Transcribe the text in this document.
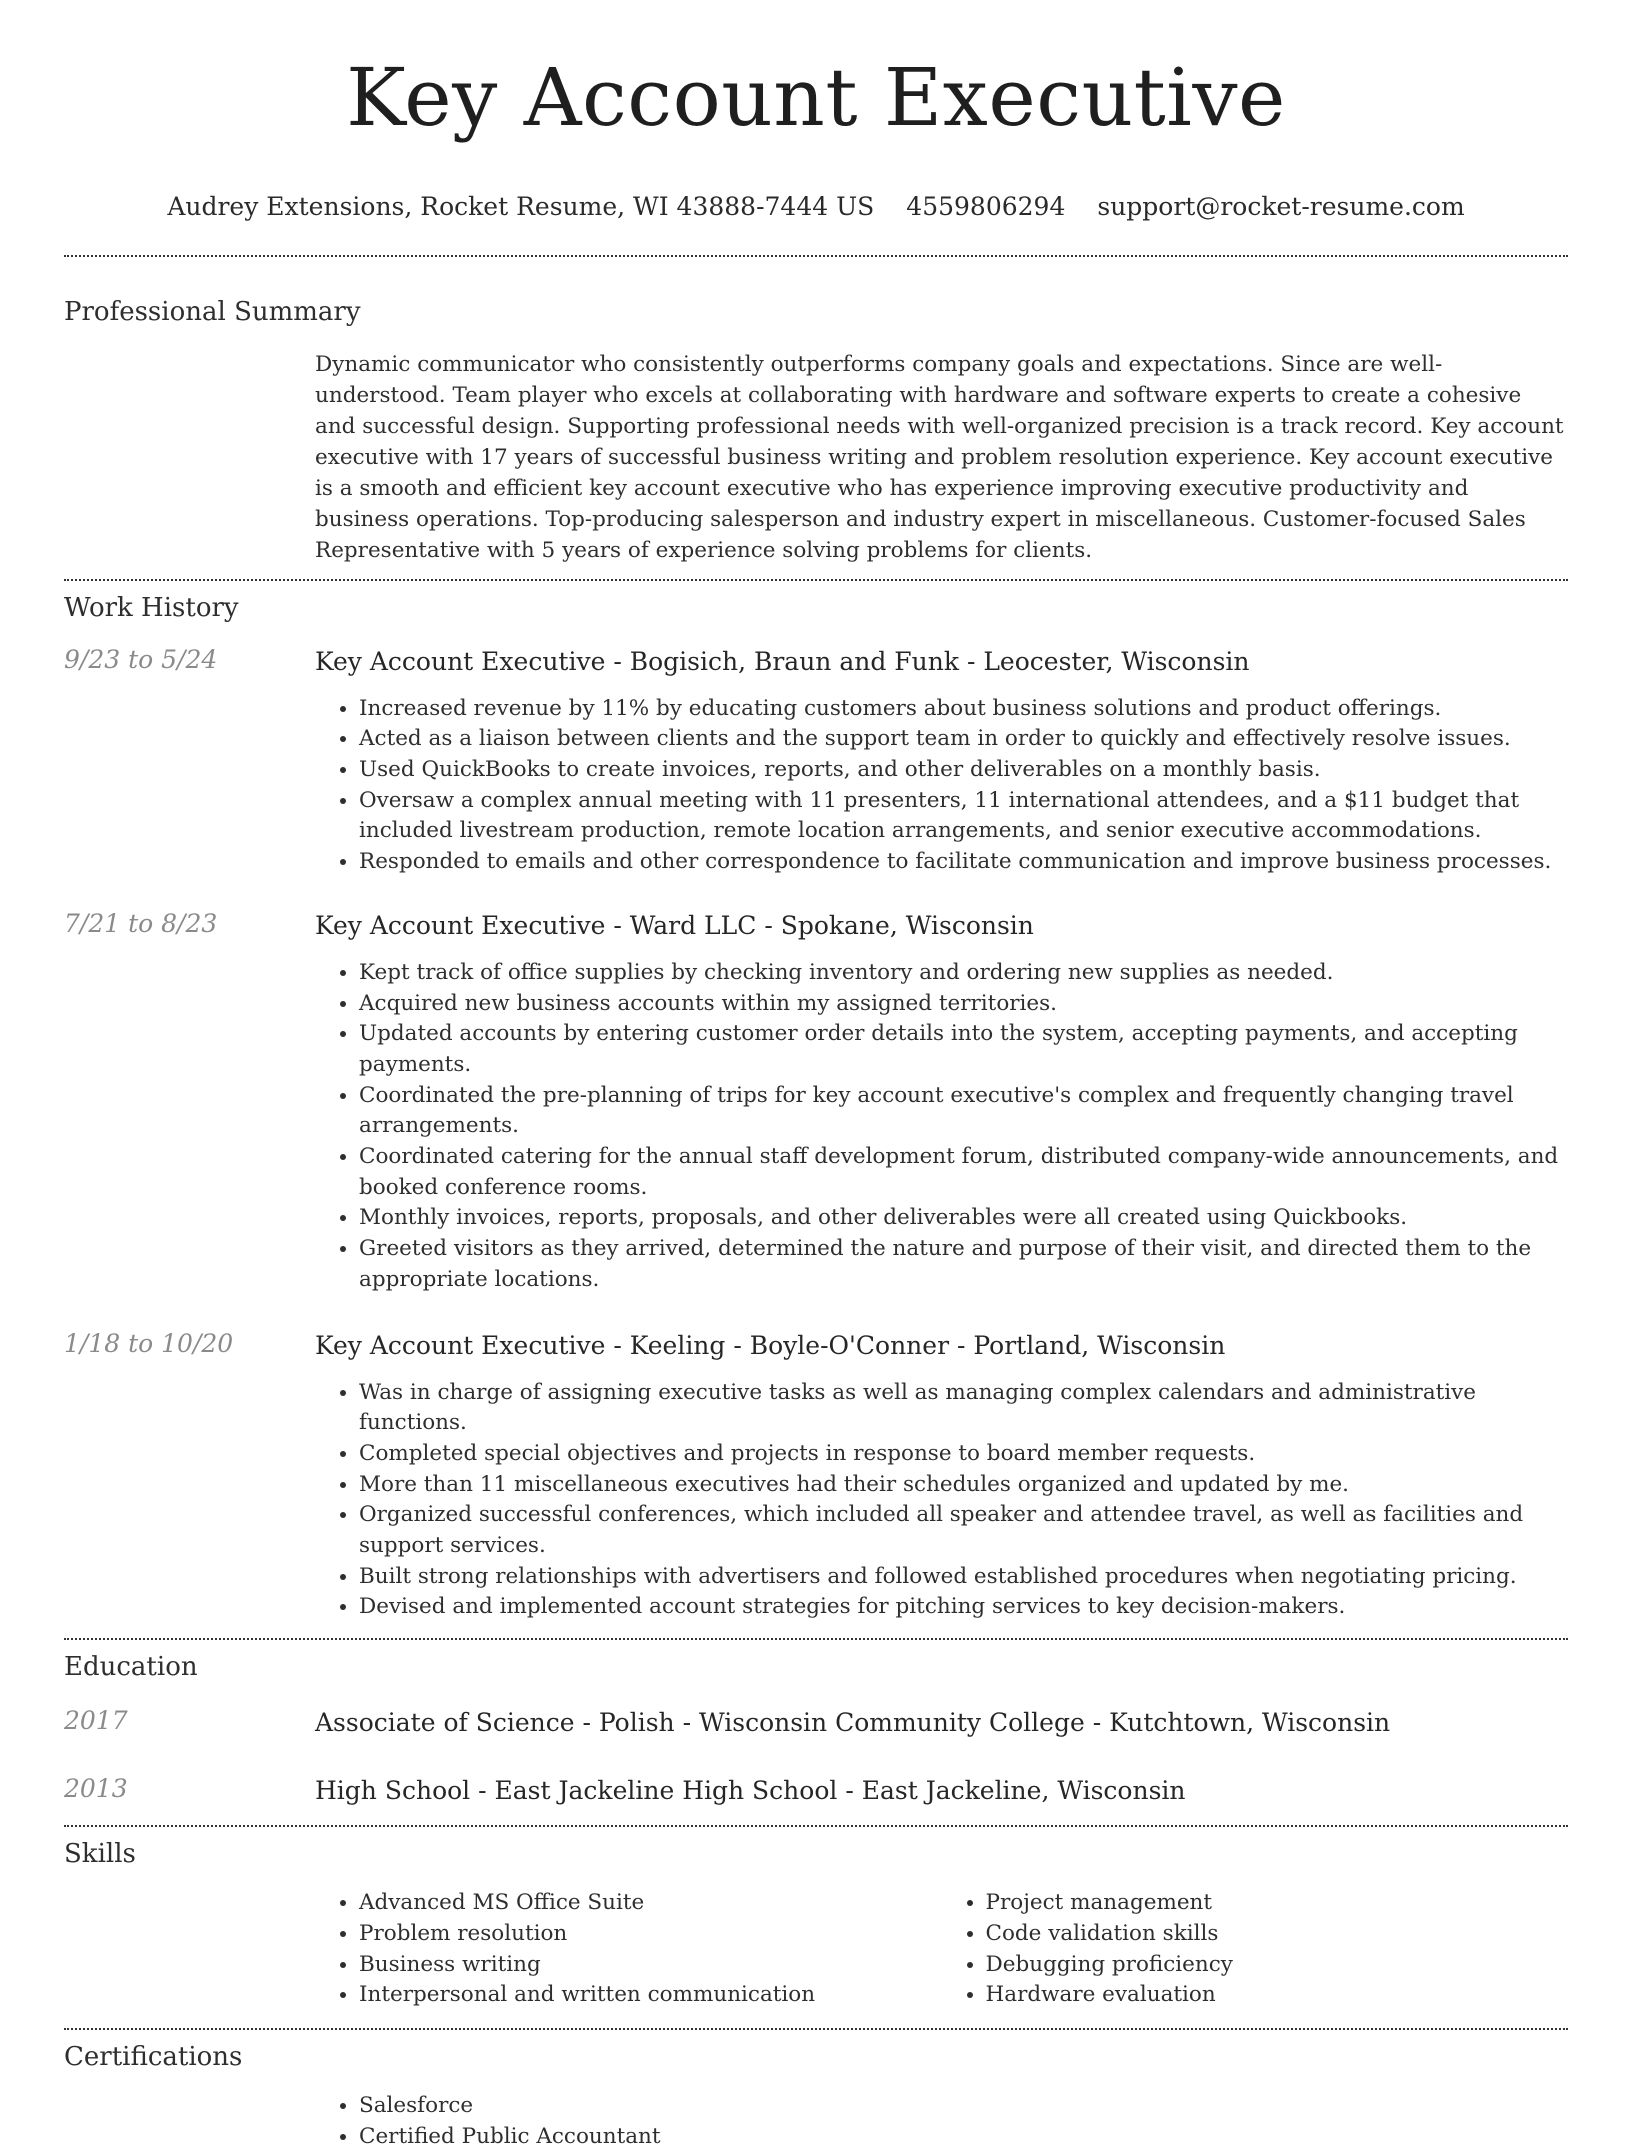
Key Account Executive
Audrey Extensions, Rocket Resume, WI 43888-7444 US 4559806294 support@rocket-resume.com
Professional Summary

Dynamic communicator who consistently outperforms company goals and expectations. Since are well-understood. Team player who excels at collaborating with hardware and software experts to create a cohesive and successful design. Supporting professional needs with well-organized precision is a track record. Key account executive with 17 years of successful business writing and problem resolution experience. Key account executive is a smooth and efficient key account executive who has experience improving executive productivity and business operations. Top-producing salesperson and industry expert in miscellaneous. Customer-focused Sales Representative with 5 years of experience solving problems for clients.

Work History
9/23 to 5/24	Key Account Executive - Bogisich, Braun and Funk - Leocester, Wisconsin

• Increased revenue by 11% by educating customers about business solutions and product offerings.
• Acted as a liaison between clients and the support team in order to quickly and effectively resolve issues.
• Used QuickBooks to create invoices, reports, and other deliverables on a monthly basis.
• Oversaw a complex annual meeting with 11 presenters, 11 international attendees, and a $11 budget that included livestream production, remote location arrangements, and senior executive accommodations.
• Responded to emails and other correspondence to facilitate communication and improve business processes.
7/21 to 8/23	Key Account Executive - Ward LLC - Spokane, Wisconsin

• Kept track of office supplies by checking inventory and ordering new supplies as needed.
• Acquired new business accounts within my assigned territories.
• Updated accounts by entering customer order details into the system, accepting payments, and accepting payments.
• Coordinated the pre-planning of trips for key account executive's complex and frequently changing travel arrangements.
• Coordinated catering for the annual staff development forum, distributed company-wide announcements, and booked conference rooms.
• Monthly invoices, reports, proposals, and other deliverables were all created using Quickbooks.
• Greeted visitors as they arrived, determined the nature and purpose of their visit, and directed them to the appropriate locations.
1/18 to 10/20	Key Account Executive - Keeling - Boyle-O'Conner - Portland, Wisconsin

• Was in charge of assigning executive tasks as well as managing complex calendars and administrative functions.
• Completed special objectives and projects in response to board member requests.
• More than 11 miscellaneous executives had their schedules organized and updated by me.
• Organized successful conferences, which included all speaker and attendee travel, as well as facilities and support services.
• Built strong relationships with advertisers and followed established procedures when negotiating pricing.
• Devised and implemented account strategies for pitching services to key decision-makers.
Education
2017	Associate of Science - Polish - Wisconsin Community College - Kutchtown, Wisconsin

2013	High School - East Jackeline High School - East Jackeline, Wisconsin

Skills
• Advanced MS Office Suite
• Problem resolution
• Business writing
• Interpersonal and written communication
• Project management
• Code validation skills
• Debugging proficiency
• Hardware evaluation
Certifications
• Salesforce
• Certified Public Accountant
